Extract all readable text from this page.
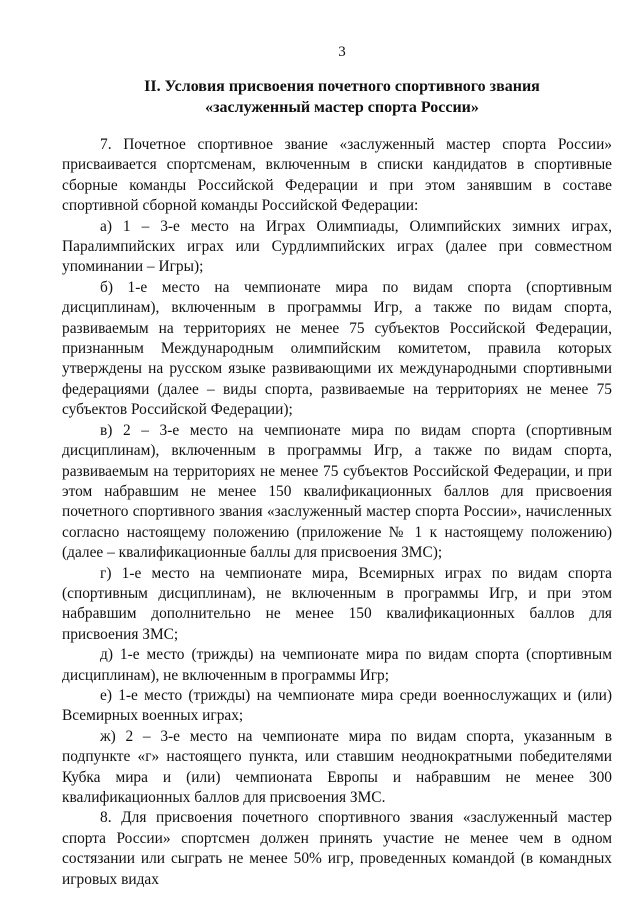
3
II. Условия присвоения почетного спортивного звания
«заслуженный мастер спорта России»

7. Почетное спортивное звание «заслуженный мастер спорта России» присваивается спортсменам, включенным в списки кандидатов в спортивные сборные команды Российской Федерации и при этом занявшим в составе спортивной сборной команды Российской Федерации:

а) 1 – 3-е место на Играх Олимпиады, Олимпийских зимних играх, Паралимпийских играх или Сурдлимпийских играх (далее при совместном упоминании – Игры);

б) 1-е место на чемпионате мира по видам спорта (спортивным дисциплинам), включенным в программы Игр, а также по видам спорта, развиваемым на территориях не менее 75 субъектов Российской Федерации, признанным Международным олимпийским комитетом, правила которых утверждены на русском языке развивающими их международными спортивными федерациями (далее – виды спорта, развиваемые на территориях не менее 75 субъектов Российской Федерации);

в) 2 – 3-е место на чемпионате мира по видам спорта (спортивным дисциплинам), включенным в программы Игр, а также по видам спорта, развиваемым на территориях не менее 75 субъектов Российской Федерации, и при этом набравшим не менее 150 квалификационных баллов для присвоения почетного спортивного звания «заслуженный мастер спорта России», начисленных согласно настоящему положению (приложение № 1 к настоящему положению) (далее – квалификационные баллы для присвоения ЗМС);

г) 1-е место на чемпионате мира, Всемирных играх по видам спорта (спортивным дисциплинам), не включенным в программы Игр, и при этом набравшим дополнительно не менее 150 квалификационных баллов для присвоения ЗМС;

д) 1-е место (трижды) на чемпионате мира по видам спорта (спортивным дисциплинам), не включенным в программы Игр;

е) 1-е место (трижды) на чемпионате мира среди военнослужащих и (или) Всемирных военных играх;

ж) 2 – 3-е место на чемпионате мира по видам спорта, указанным в подпункте «г» настоящего пункта, или ставшим неоднократными победителями Кубка мира и (или) чемпионата Европы и набравшим не менее 300 квалификационных баллов для присвоения ЗМС.

8. Для присвоения почетного спортивного звания «заслуженный мастер спорта России» спортсмен должен принять участие не менее чем в одном состязании или сыграть не менее 50% игр, проведенных командой (в командных игровых видах
